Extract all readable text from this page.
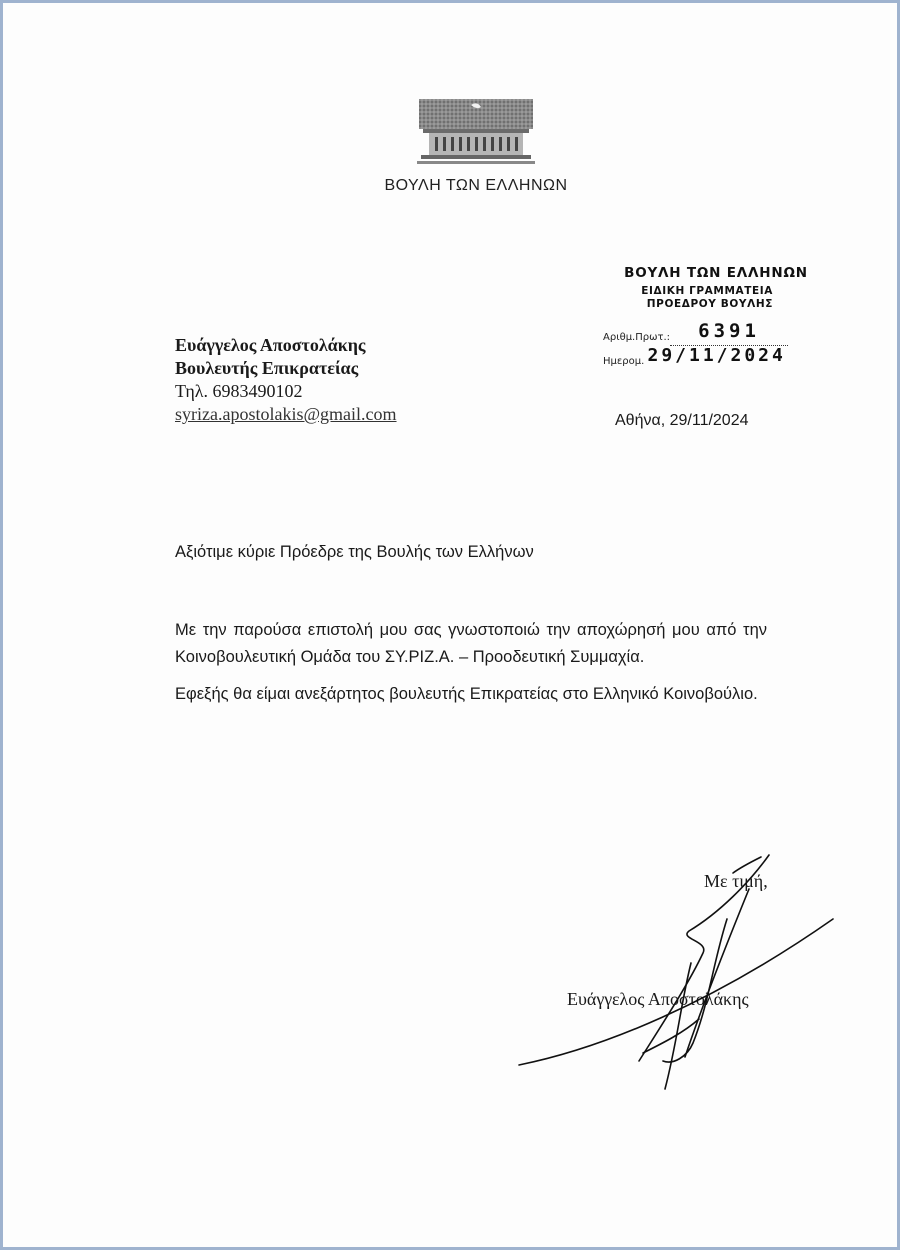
ΒΟΥΛΗ ΤΩΝ ΕΛΛΗΝΩΝ
ΒΟΥΛΗ ΤΩΝ ΕΛΛΗΝΩΝ
ΕΙΔΙΚΗ ΓΡΑΜΜΑΤΕΙΑ
ΠΡΟΕΔΡΟΥ ΒΟΥΛΗΣ
Αριθμ.Πρωτ.: 6391
Ημερομ. 29/11/2024
Ευάγγελος Αποστολάκης
Βουλευτής Επικρατείας
Τηλ. 6983490102
syriza.apostolakis@gmail.com	Αθήνα, 29/11/2024
Αξιότιμε κύριε Πρόεδρε της Βουλής των Ελλήνων

Με την παρούσα επιστολή μου σας γνωστοποιώ την αποχώρησή μου από την Κοινοβουλευτική Ομάδα του ΣΥ.ΡΙΖ.Α. – Προοδευτική Συμμαχία.

Εφεξής θα είμαι ανεξάρτητος βουλευτής Επικρατείας στο Ελληνικό Κοινοβούλιο.

Με τιμή,
Ευάγγελος Αποστολάκης
